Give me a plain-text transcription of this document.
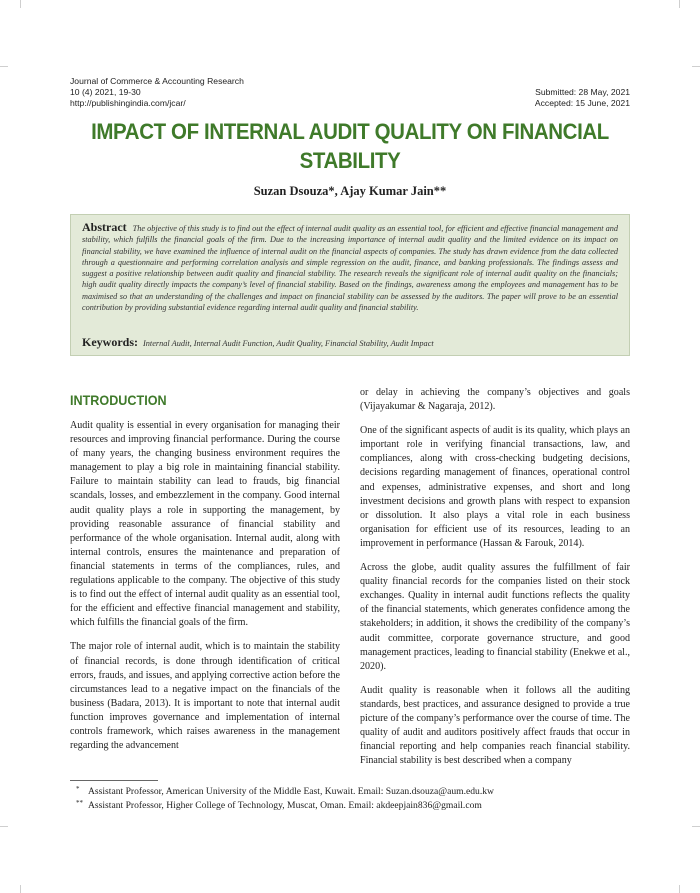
Journal of Commerce & Accounting Research
10 (4) 2021, 19-30
http://publishingindia.com/jcar/
Submitted: 28 May, 2021
Accepted: 15 June, 2021
IMPACT OF INTERNAL AUDIT QUALITY ON FINANCIAL
STABILITY
Suzan Dsouza*, Ajay Kumar Jain**
Abstract The objective of this study is to find out the effect of internal audit quality as an essential tool, for efficient and effective financial management and stability, which fulfills the financial goals of the firm. Due to the increasing importance of internal audit quality and the limited evidence on its impact on financial stability, we have examined the influence of internal audit on the financial aspects of companies. The study has drawn evidence from the data collected through a questionnaire and performing correlation analysis and simple regression on the audit, finance, and banking professionals. The findings assess and suggest a positive relationship between audit quality and financial stability. The research reveals the significant role of internal audit quality on the financials; high audit quality directly impacts the company’s level of financial stability. Based on the findings, awareness among the employees and management has to be maximised so that an understanding of the challenges and impact on financial stability can be assessed by the auditors. The paper will prove to be an essential contribution by providing substantial evidence regarding internal audit quality and financial stability.
Keywords: Internal Audit, Internal Audit Function, Audit Quality, Financial Stability, Audit Impact
INTRODUCTION

Audit quality is essential in every organisation for managing their resources and improving financial performance. During the course of many years, the changing business environment requires the management to play a big role in maintaining financial stability. Failure to maintain stability can lead to frauds, big financial scandals, losses, and embezzlement in the company. Good internal audit quality plays a role in supporting the management, by providing reasonable assurance of financial stability and performance of the whole organisation. Internal audit, along with internal controls, ensures the maintenance and preparation of financial statements in terms of the compliances, rules, and regulations applicable to the company. The objective of this study is to find out the effect of internal audit quality as an essential tool, for the efficient and effective financial management and stability, which fulfills the financial goals of the firm.

The major role of internal audit, which is to maintain the stability of financial records, is done through identification of critical errors, frauds, and issues, and applying corrective action before the circumstances lead to a negative impact on the financials of the business (Badara, 2013). It is important to note that internal audit function improves governance and implementation of internal controls framework, which raises awareness in the management regarding the advancement

or delay in achieving the company’s objectives and goals (Vijayakumar & Nagaraja, 2012).

One of the significant aspects of audit is its quality, which plays an important role in verifying financial transactions, law, and compliances, along with cross-checking budgeting decisions, decisions regarding management of finances, operational control and expenses, administrative expenses, and short and long investment decisions and growth plans with respect to expansion or dissolution. It also plays a vital role in each business organisation for efficient use of its resources, leading to an improvement in performance (Hassan & Farouk, 2014).

Across the globe, audit quality assures the fulfillment of fair quality financial records for the companies listed on their stock exchanges. Quality in internal audit functions reflects the quality of the financial statements, which generates confidence among the stakeholders; in addition, it shows the credibility of the company’s audit committee, corporate governance structure, and good management practices, leading to financial stability (Enekwe et al., 2020).

Audit quality is reasonable when it follows all the auditing standards, best practices, and assurance designed to provide a true picture of the company’s performance over the course of time. The quality of audit and auditors positively affect frauds that occur in financial reporting and help companies reach financial stability. Financial stability is best described when a company

* Assistant Professor, American University of the Middle East, Kuwait. Email: Suzan.dsouza@aum.edu.kw
** Assistant Professor, Higher College of Technology, Muscat, Oman. Email: akdeepjain836@gmail.com
